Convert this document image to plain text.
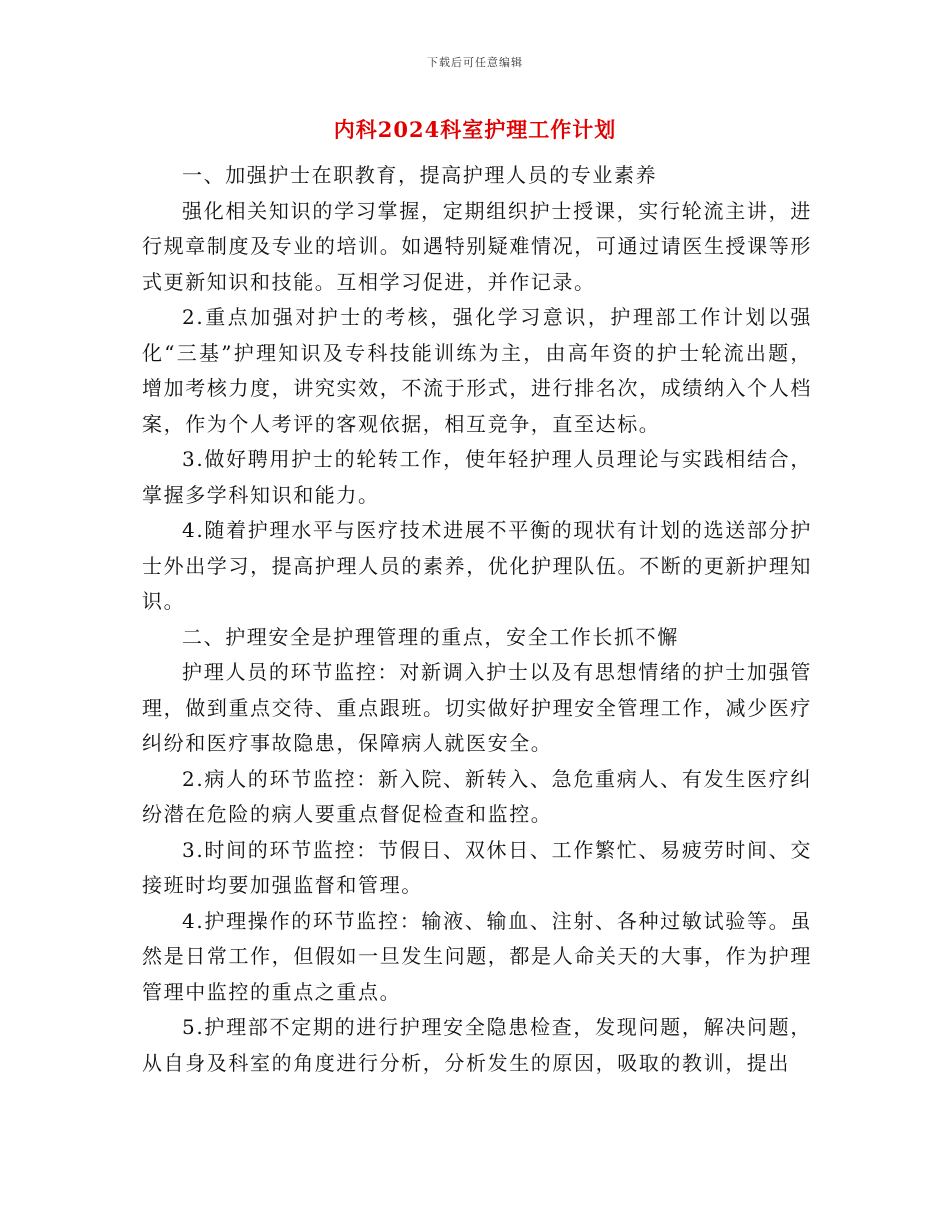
下载后可任意编辑
内科2024科室护理工作计划

一、加强护士在职教育，提高护理人员的专业素养

强化相关知识的学习掌握，定期组织护士授课，实行轮流主讲，进行规章制度及专业的培训。如遇特别疑难情况，可通过请医生授课等形式更新知识和技能。互相学习促进，并作记录。

2.重点加强对护士的考核，强化学习意识，护理部工作计划以强化“三基”护理知识及专科技能训练为主，由高年资的护士轮流出题，增加考核力度，讲究实效，不流于形式，进行排名次，成绩纳入个人档案，作为个人考评的客观依据，相互竞争，直至达标。

3.做好聘用护士的轮转工作，使年轻护理人员理论与实践相结合，掌握多学科知识和能力。

4.随着护理水平与医疗技术进展不平衡的现状有计划的选送部分护士外出学习，提高护理人员的素养，优化护理队伍。不断的更新护理知识。

二、护理安全是护理管理的重点，安全工作长抓不懈

护理人员的环节监控：对新调入护士以及有思想情绪的护士加强管理，做到重点交待、重点跟班。切实做好护理安全管理工作，减少医疗纠纷和医疗事故隐患，保障病人就医安全。

2.病人的环节监控：新入院、新转入、急危重病人、有发生医疗纠纷潜在危险的病人要重点督促检查和监控。

3.时间的环节监控：节假日、双休日、工作繁忙、易疲劳时间、交接班时均要加强监督和管理。

4.护理操作的环节监控：输液、输血、注射、各种过敏试验等。虽然是日常工作，但假如一旦发生问题，都是人命关天的大事，作为护理管理中监控的重点之重点。

5.护理部不定期的进行护理安全隐患检查，发现问题，解决问题，从自身及科室的角度进行分析，分析发生的原因，吸取的教训，提出
